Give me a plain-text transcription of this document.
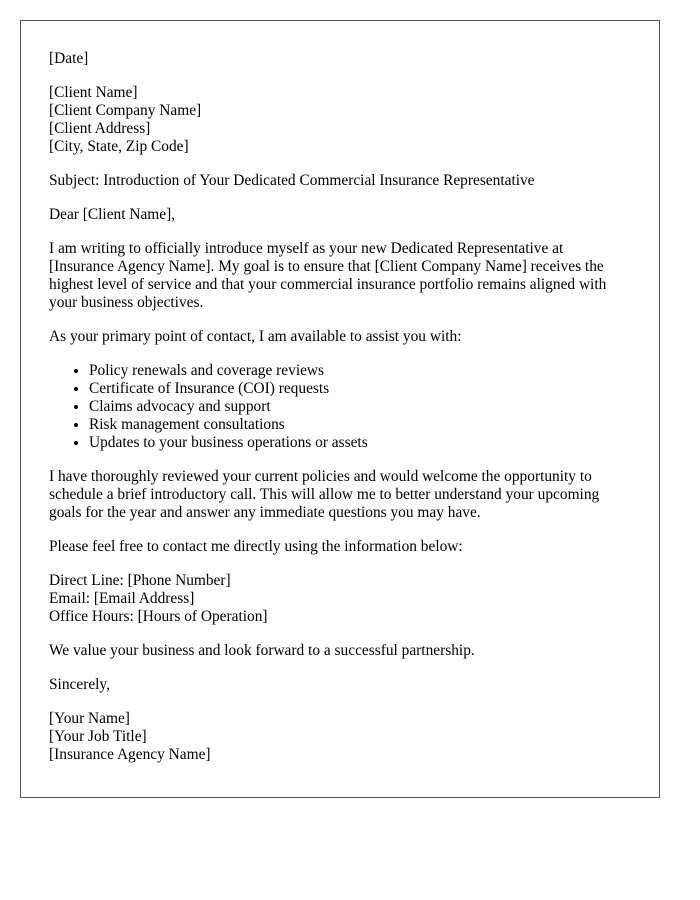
[Date]
[Client Name]
[Client Company Name]
[Client Address]
[City, State, Zip Code]
Subject: Introduction of Your Dedicated Commercial Insurance Representative
Dear [Client Name],
I am writing to officially introduce myself as your new Dedicated Representative at
[Insurance Agency Name]. My goal is to ensure that [Client Company Name] receives the
highest level of service and that your commercial insurance portfolio remains aligned with
your business objectives.
As your primary point of contact, I am available to assist you with:
• Policy renewals and coverage reviews
• Certificate of Insurance (COI) requests
• Claims advocacy and support
• Risk management consultations
• Updates to your business operations or assets
I have thoroughly reviewed your current policies and would welcome the opportunity to
schedule a brief introductory call. This will allow me to better understand your upcoming
goals for the year and answer any immediate questions you may have.
Please feel free to contact me directly using the information below:
Direct Line: [Phone Number]
Email: [Email Address]
Office Hours: [Hours of Operation]
We value your business and look forward to a successful partnership.
Sincerely,
[Your Name]
[Your Job Title]
[Insurance Agency Name]
